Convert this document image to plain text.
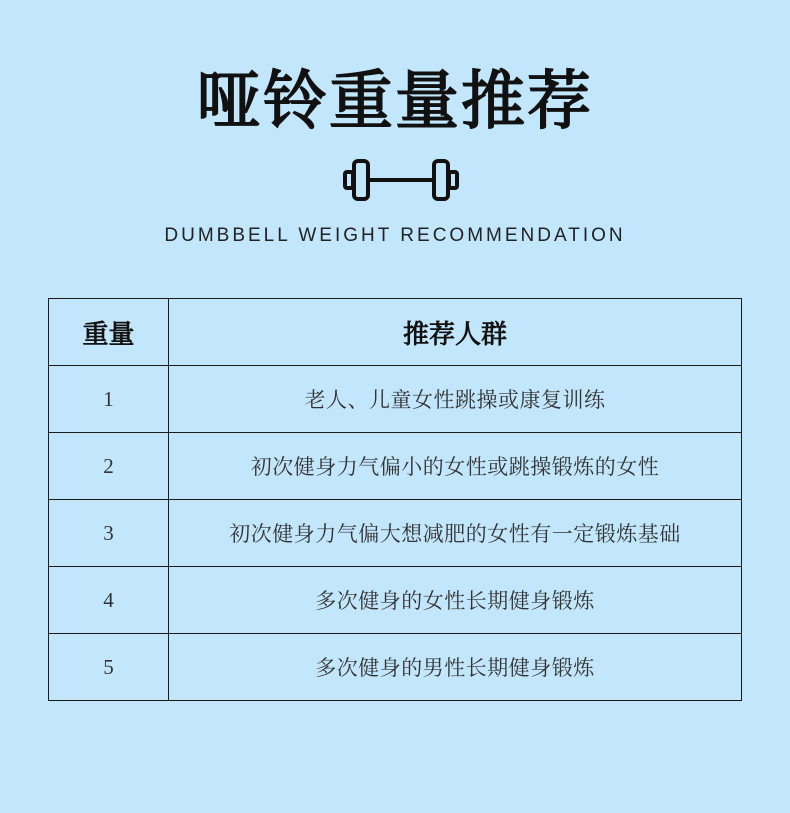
哑铃重量推荐
DUMBBELL WEIGHT RECOMMENDATION
重量	推荐人群
1	老人、儿童女性跳操或康复训练
2	初次健身力气偏小的女性或跳操锻炼的女性
3	初次健身力气偏大想减肥的女性有一定锻炼基础
4	多次健身的女性长期健身锻炼
5	多次健身的男性长期健身锻炼
